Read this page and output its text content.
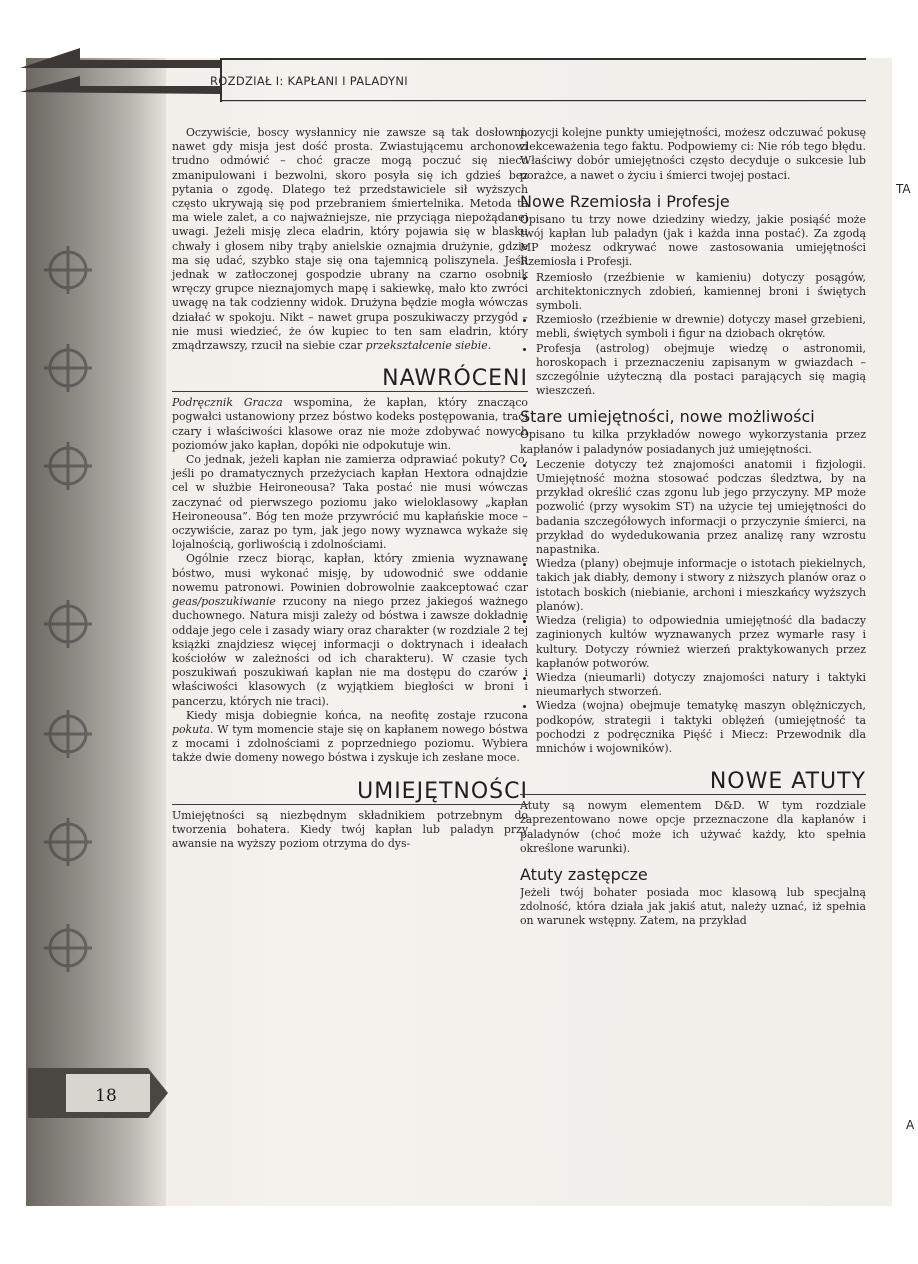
ROZDZIAŁ I: KAPŁANI I PALADYNI

Oczywiście, boscy wysłannicy nie zawsze są tak dosłowni, nawet gdy misja jest dość prosta. Zwiastującemu archonowi trudno odmówić – choć gracze mogą poczuć się nieco zmanipulowani i bezwolni, skoro posyła się ich gdzieś bez pytania o zgodę. Dlatego też przedstawiciele sił wyższych często ukrywają się pod przebraniem śmiertelnika. Metoda ta ma wiele zalet, a co najważniejsze, nie przyciąga niepożądanej uwagi. Jeżeli misję zleca eladrin, który pojawia się w blasku chwały i głosem niby trąby anielskie oznajmia drużynie, gdzie ma się udać, szybko staje się ona tajemnicą poliszynela. Jeśli jednak w zatłoczonej gospodzie ubrany na czarno osobnik wręczy grupce nieznajomych mapę i sakiewkę, mało kto zwróci uwagę na tak codzienny widok. Drużyna będzie mogła wówczas działać w spokoju. Nikt – nawet grupa poszukiwaczy przygód – nie musi wiedzieć, że ów kupiec to ten sam eladrin, który zmądrzawszy, rzucił na siebie czar przekształcenie siebie.

NAWRÓCENI

Podręcznik Gracza wspomina, że kapłan, który znacząco pogwałci ustanowiony przez bóstwo kodeks postępowania, traci czary i właściwości klasowe oraz nie może zdobywać nowych poziomów jako kapłan, dopóki nie odpokutuje win.

Co jednak, jeżeli kapłan nie zamierza odprawiać pokuty? Co, jeśli po dramatycznych przeżyciach kapłan Hextora odnajdzie cel w służbie Heironeousa? Taka postać nie musi wówczas zaczynać od pierwszego poziomu jako wieloklasowy „kapłan Heironeousa”. Bóg ten może przywrócić mu kapłańskie moce – oczywiście, zaraz po tym, jak jego nowy wyznawca wykaże się lojalnością, gorliwością i zdolnościami.

Ogólnie rzecz biorąc, kapłan, który zmienia wyznawane bóstwo, musi wykonać misję, by udowodnić swe oddanie nowemu patronowi. Powinien dobrowolnie zaakceptować czar geas/poszukiwanie rzucony na niego przez jakiegoś ważnego duchownego. Natura misji zależy od bóstwa i zawsze dokładnie oddaje jego cele i zasady wiary oraz charakter (w rozdziale 2 tej książki znajdziesz więcej informacji o doktrynach i ideałach kościołów w zależności od ich charakteru). W czasie tych poszukiwań poszukiwań kapłan nie ma dostępu do czarów i właściwości klasowych (z wyjątkiem biegłości w broni i pancerzu, których nie traci).

Kiedy misja dobiegnie końca, na neofitę zostaje rzucona pokuta. W tym momencie staje się on kapłanem nowego bóstwa z mocami i zdolnościami z poprzedniego poziomu. Wybiera także dwie domeny nowego bóstwa i zyskuje ich zesłane moce.

UMIEJĘTNOŚCI

Umiejętności są niezbędnym składnikiem potrzebnym do tworzenia bohatera. Kiedy twój kapłan lub paladyn przy awansie na wyższy poziom otrzyma do dys-

pozycji kolejne punkty umiejętności, możesz odczuwać pokusę zlekceważenia tego faktu. Podpowiemy ci: Nie rób tego błędu. Właściwy dobór umiejętności często decyduje o sukcesie lub porażce, a nawet o życiu i śmierci twojej postaci.

Nowe Rzemiosła i Profesje

Opisano tu trzy nowe dziedziny wiedzy, jakie posiąść może twój kapłan lub paladyn (jak i każda inna postać). Za zgodą MP możesz odkrywać nowe zastosowania umiejętności Rzemiosła i Profesji.

• Rzemiosło (rzeźbienie w kamieniu) dotyczy posągów, architektonicznych zdobień, kamiennej broni i świętych symboli.
• Rzemiosło (rzeźbienie w drewnie) dotyczy maseł grzebieni, mebli, świętych symboli i figur na dziobach okrętów.
• Profesja (astrolog) obejmuje wiedzę o astronomii, horoskopach i przeznaczeniu zapisanym w gwiazdach – szczególnie użyteczną dla postaci parających się magią wieszczeń.
Stare umiejętności, nowe możliwości

Opisano tu kilka przykładów nowego wykorzystania przez kapłanów i paladynów posiadanych już umiejętności.

• Leczenie dotyczy też znajomości anatomii i fizjologii. Umiejętność można stosować podczas śledztwa, by na przykład określić czas zgonu lub jego przyczyny. MP może pozwolić (przy wysokim ST) na użycie tej umiejętności do badania szczegółowych informacji o przyczynie śmierci, na przykład do wydedukowania przez analizę rany wzrostu napastnika.
• Wiedza (plany) obejmuje informacje o istotach piekielnych, takich jak diabły, demony i stwory z niższych planów oraz o istotach boskich (niebianie, archoni i mieszkańcy wyższych planów).
• Wiedza (religia) to odpowiednia umiejętność dla badaczy zaginionych kultów wyznawanych przez wymarłe rasy i kultury. Dotyczy również wierzeń praktykowanych przez kapłanów potworów.
• Wiedza (nieumarli) dotyczy znajomości natury i taktyki nieumarłych stworzeń.
• Wiedza (wojna) obejmuje tematykę maszyn oblężniczych, podkopów, strategii i taktyki oblężeń (umiejętność ta pochodzi z podręcznika Pięść i Miecz: Przewodnik dla mnichów i wojowników).
NOWE ATUTY

Atuty są nowym elementem D&D. W tym rozdziale zaprezentowano nowe opcje przeznaczone dla kapłanów i paladynów (choć może ich używać każdy, kto spełnia określone warunki).

Atuty zastępcze

Jeżeli twój bohater posiada moc klasową lub specjalną zdolność, która działa jak jakiś atut, należy uznać, iż spełnia on warunek wstępny. Zatem, na przykład

18
TA
A
